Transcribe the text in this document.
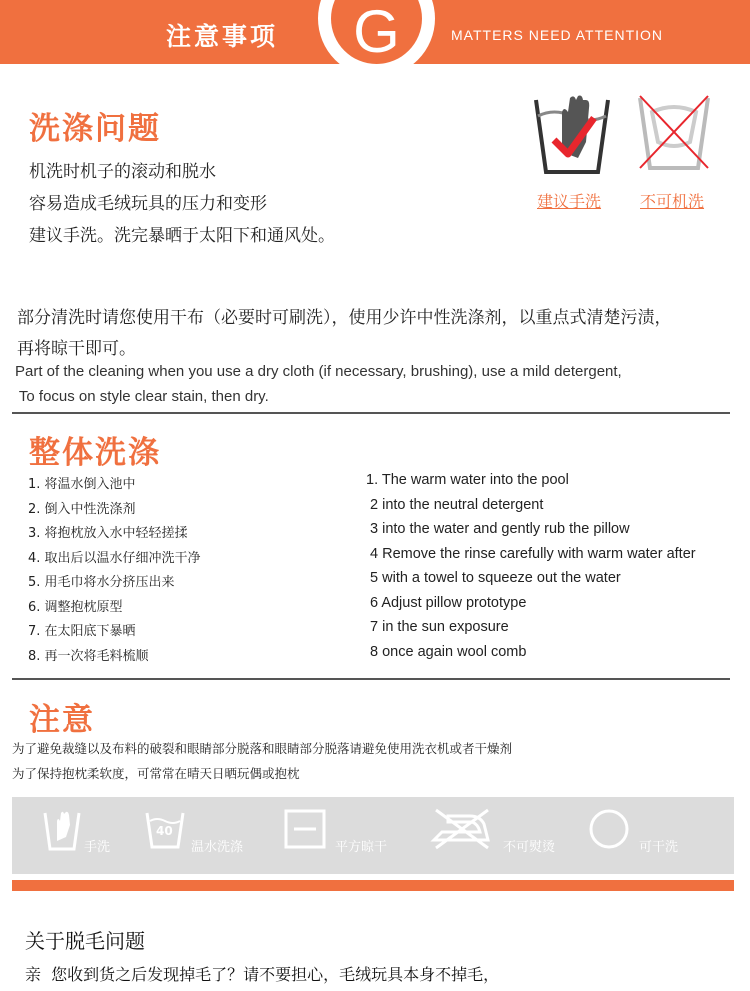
注意事项	G	MATTERS NEED ATTENTION
洗涤问题
机洗时机子的滚动和脱水
容易造成毛绒玩具的压力和变形
建议手洗。洗完暴晒于太阳下和通风处。
建议手洗 不可机洗
部分清洗时请您使用干布（必要时可刷洗），使用少许中性洗涤剂，以重点式清楚污渍，
再将晾干即可。
Part of the cleaning when you use a dry cloth (if necessary, brushing), use a mild detergent,
To focus on style clear stain, then dry.
整体洗涤
1. 将温水倒入池中
2. 倒入中性洗涤剂
3. 将抱枕放入水中轻轻搓揉
4. 取出后以温水仔细冲洗干净
5. 用毛巾将水分挤压出来
6. 调整抱枕原型
7. 在太阳底下暴晒
8. 再一次将毛料梳顺
1. The warm water into the pool
2 into the neutral detergent
3 into the water and gently rub the pillow
4 Remove the rinse carefully with warm water after
5 with a towel to squeeze out the water
6 Adjust pillow prototype
7 in the sun exposure
8 once again wool comb
注意
为了避免裁缝以及布料的破裂和眼睛部分脱落和眼睛部分脱落请避免使用洗衣机或者干燥剂
为了保持抱枕柔软度，可常常在晴天日晒玩偶或抱枕
手洗
40
温水洗涤	平方晾干	不可熨烫	可干洗
关于脱毛问题
亲  您收到货之后发现掉毛了？请不要担心，毛绒玩具本身不掉毛，
